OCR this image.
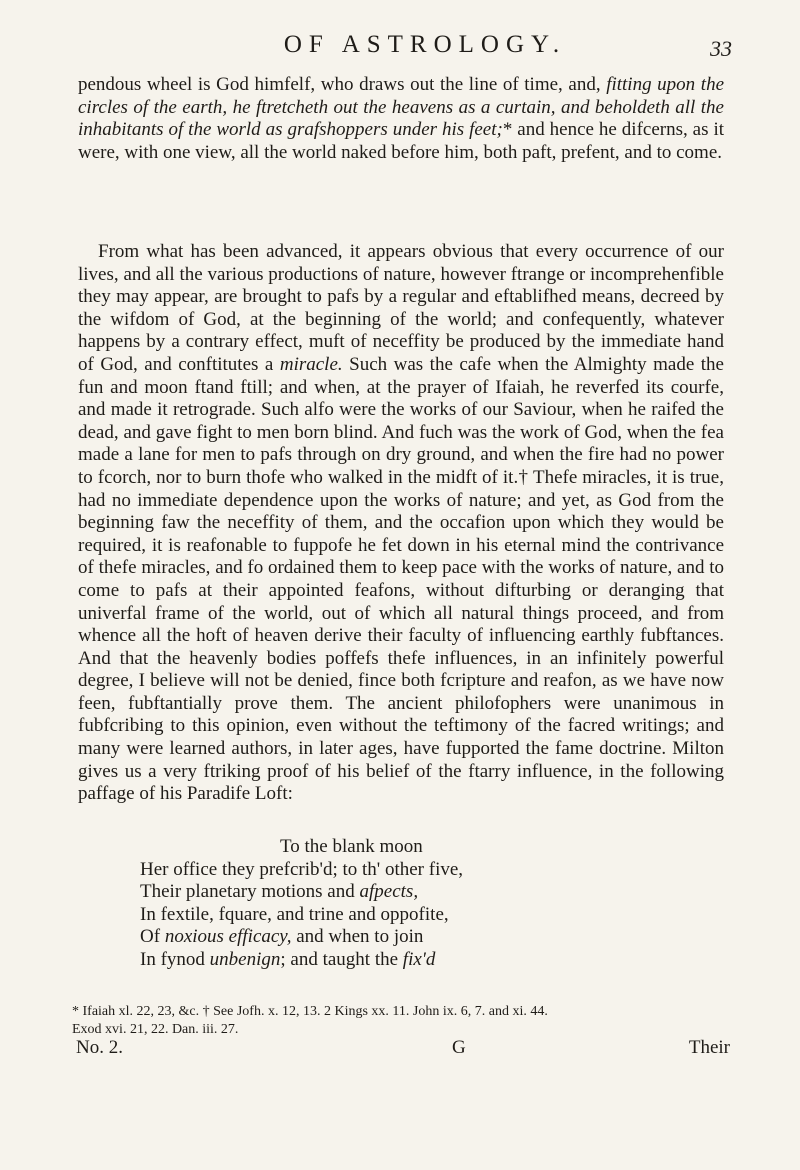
OF ASTROLOGY.	33

pendous wheel is God himfelf, who draws out the line of time, and, fitting upon the circles of the earth, he ftretcheth out the heavens as a curtain, and beholdeth all the inhabitants of the world as grafshoppers under his feet;* and hence he difcerns, as it were, with one view, all the world naked before him, both paft, prefent, and to come.

From what has been advanced, it appears obvious that every occurrence of our lives, and all the various productions of nature, however ftrange or incomprehenfible they may appear, are brought to pafs by a regular and eftablifhed means, decreed by the wifdom of God, at the beginning of the world; and confequently, whatever happens by a contrary effect, muft of neceffity be produced by the immediate hand of God, and conftitutes a miracle. Such was the cafe when the Almighty made the fun and moon ftand ftill; and when, at the prayer of Ifaiah, he reverfed its courfe, and made it retrograde. Such alfo were the works of our Saviour, when he raifed the dead, and gave fight to men born blind. And fuch was the work of God, when the fea made a lane for men to pafs through on dry ground, and when the fire had no power to fcorch, nor to burn thofe who walked in the midft of it.† Thefe miracles, it is true, had no immediate dependence upon the works of nature; and yet, as God from the beginning faw the neceffity of them, and the occafion upon which they would be required, it is reafonable to fuppofe he fet down in his eternal mind the contrivance of thefe miracles, and fo ordained them to keep pace with the works of nature, and to come to pafs at their appointed feafons, without difturbing or deranging that univerfal frame of the world, out of which all natural things proceed, and from whence all the hoft of heaven derive their faculty of influencing earthly fubftances. And that the heavenly bodies poffefs thefe influences, in an infinitely powerful degree, I believe will not be denied, fince both fcripture and reafon, as we have now feen, fubftantially prove them. The ancient philofophers were unanimous in fubfcribing to this opinion, even without the teftimony of the facred writings; and many were learned authors, in later ages, have fupported the fame doctrine. Milton gives us a very ftriking proof of his belief of the ftarry influence, in the following paffage of his Paradife Loft:

To the blank moon
Her office they prefcrib'd; to th' other five,
Their planetary motions and afpects,
In fextile, fquare, and trine and oppofite,
Of noxious efficacy, and when to join
In fynod unbenign; and taught the fix'd
* Ifaiah xl. 22, 23, &c. † See Jofh. x. 12, 13. 2 Kings xx. 11. John ix. 6, 7. and xi. 44.
Exod xvi. 21, 22. Dan. iii. 27.
No. 2.	G	Their
